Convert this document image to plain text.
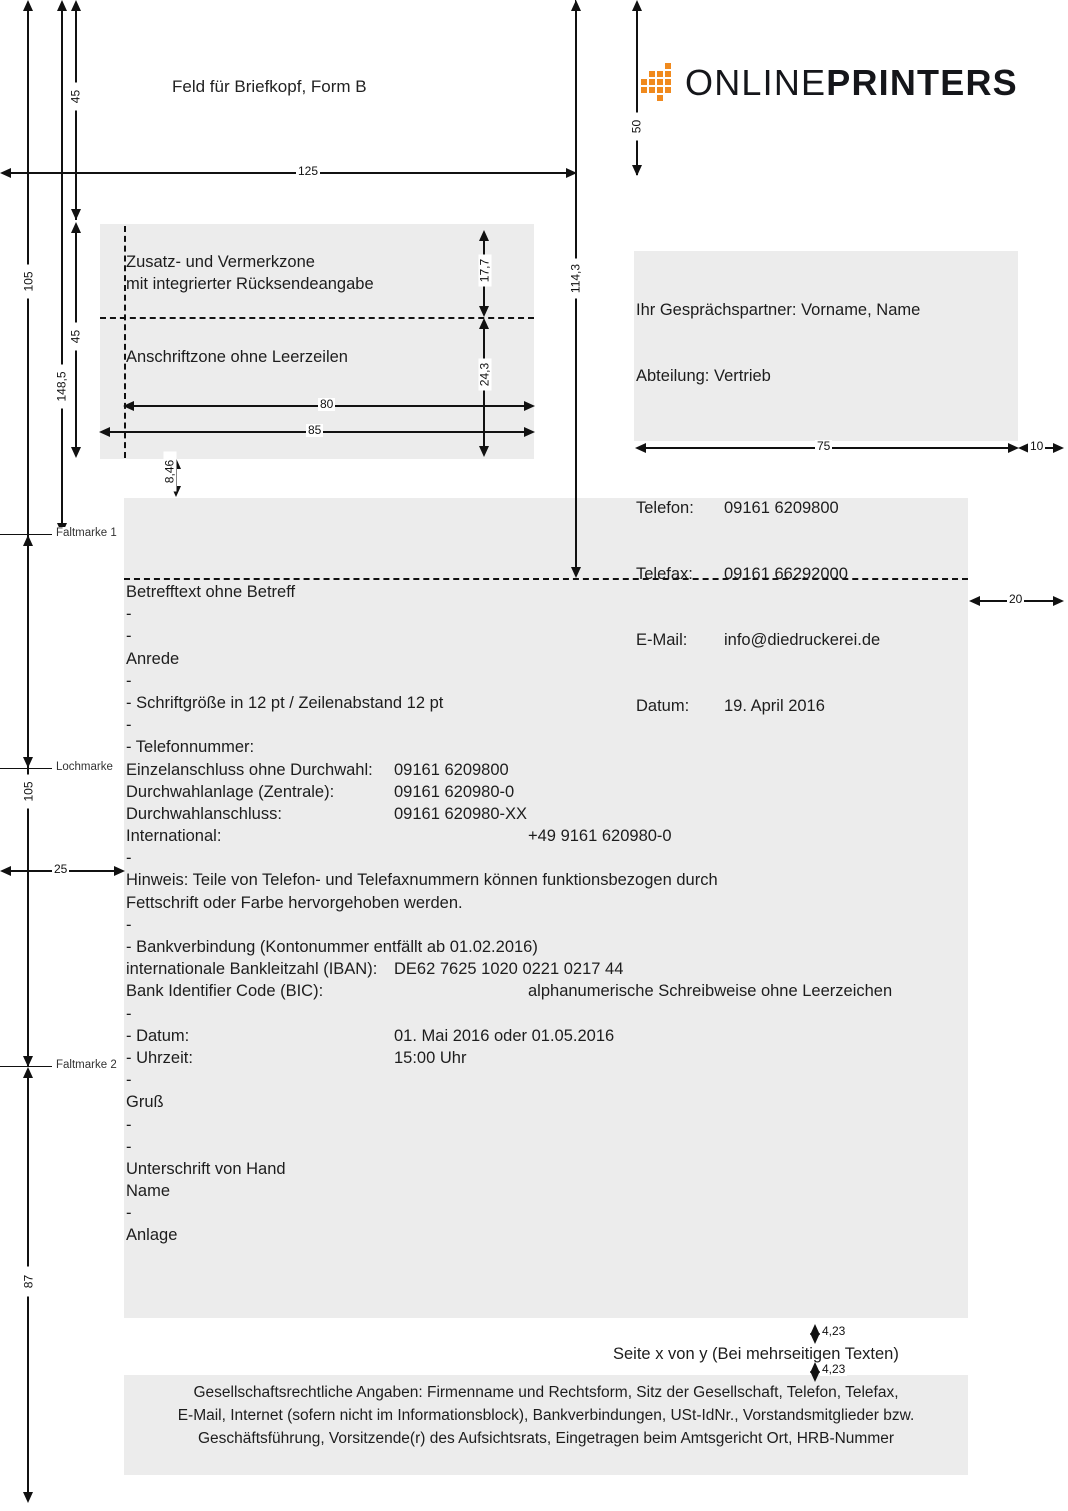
ONLINEPRINTERS
Feld für Briefkopf, Form B
Zusatz- und Vermerkzone
mit integrierter Rücksendeangabe
Anschriftzone ohne Leerzeilen

Ihr Gesprächspartner: Vorname, Name

Abteilung: Vertrieb

Telefon:	09161 6209800

Telefax:	09161 66292000

E-Mail:	info@diedruckerei.de

Datum:	19. April 2016

Betrefftext ohne Betreff
-
-
Anrede
-
- Schriftgröße in 12 pt / Zeilenabstand 12 pt
-
- Telefonnummer:
Einzelanschluss ohne Durchwahl:	09161 6209800
Durchwahlanlage (Zentrale):	09161 620980-0
Durchwahlanschluss:	09161 620980-XX
International:	+49 9161 620980-0
-
Hinweis: Teile von Telefon- und Telefaxnummern können funktionsbezogen durch
Fettschrift oder Farbe hervorgehoben werden.
-
- Bankverbindung (Kontonummer entfällt ab 01.02.2016)
internationale Bankleitzahl (IBAN):	DE62 7625 1020 0221 0217 44
Bank Identifier Code (BIC):	alphanumerische Schreibweise ohne Leerzeichen
-
- Datum:	01. Mai 2016 oder 01.05.2016
- Uhrzeit:	15:00 Uhr
-
Gruß
-
-
Unterschrift von Hand
Name
-
Anlage
Seite x von y (Bei mehrseitigen Texten)
Gesellschaftsrechtliche Angaben: Firmenname und Rechtsform, Sitz der Gesellschaft, Telefon, Telefax,
E-Mail, Internet (sofern nicht im Informationsblock), Bankverbindungen, USt-IdNr., Vorstandsmitglieder bzw.
Geschäftsführung, Vorsitzende(r) des Aufsichtsrats, Eingetragen beim Amtsgericht Ort, HRB-Nummer
105
148,5
45
45
105
87
125
50
114,3
17,7
24,3
80
85
8,46
75	10
20
25
4,23
4,23
Faltmarke 1
Lochmarke
Faltmarke 2
